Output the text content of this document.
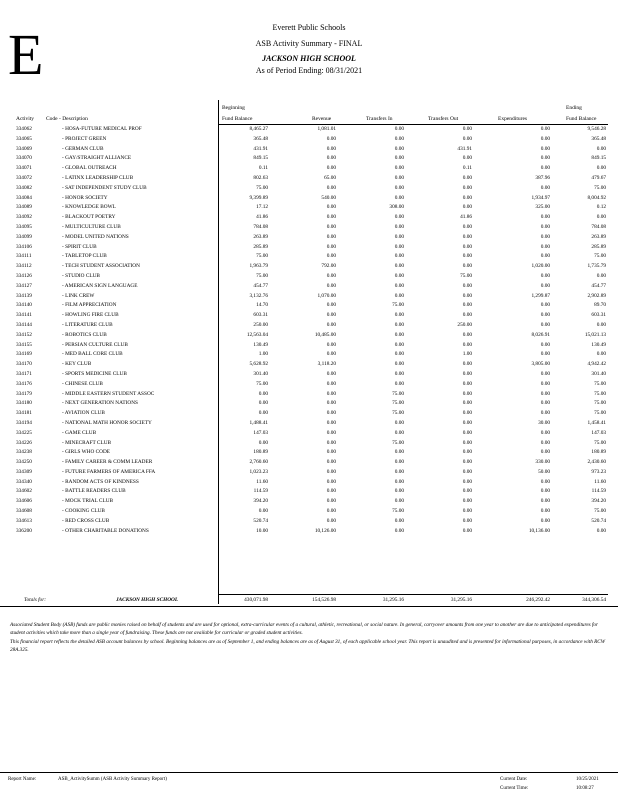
E	Everett Public Schools
ASB Activity Summary - FINAL
JACKSON HIGH SCHOOL
As of Period Ending: 08/31/2021
Beginning	Ending
Activity Code - Description	Fund Balance	Revenue	Transfers In	Transfers Out	Expenditures	Fund Balance
334062	- HOSA-FUTURE MEDICAL PROF	8,465.27	1,081.01	0.00	0.00	0.00	9,546.28
334065	- PROJECT GREEN	365.48	0.00	0.00	0.00	0.00	365.48
334069	- GERMAN CLUB	431.91	0.00	0.00	431.91	0.00	0.00
334070	- GAY/STRAIGHT ALLIANCE	849.15	0.00	0.00	0.00	0.00	849.15
334071	- GLOBAL OUTREACH	0.11	0.00	0.00	0.11	0.00	0.00
334072	- LATINX LEADERSHIP CLUB	802.63	65.00	0.00	0.00	387.96	479.67
334082	- SAT INDEPENDENT STUDY CLUB	75.00	0.00	0.00	0.00	0.00	75.00
334084	- HONOR SOCIETY	9,399.89	540.00	0.00	0.00	1,934.97	8,004.92
334089	- KNOWLEDGE BOWL	17.12	0.00	308.00	0.00	325.00	0.12
334092	- BLACKOUT POETRY	41.86	0.00	0.00	41.86	0.00	0.00
334095	- MULTICULTURE CLUB	784.08	0.00	0.00	0.00	0.00	784.08
334099	- MODEL UNITED NATIONS	263.89	0.00	0.00	0.00	0.00	263.89
334106	- SPIRIT CLUB	285.89	0.00	0.00	0.00	0.00	285.89
334111	- TABLETOP CLUB	75.00	0.00	0.00	0.00	0.00	75.00
334112	- TECH STUDENT ASSOCIATION	1,963.79	792.00	0.00	0.00	1,020.00	1,735.79
334126	- STUDIO CLUB	75.00	0.00	0.00	75.00	0.00	0.00
334127	- AMERICAN SIGN LANGUAGE	454.77	0.00	0.00	0.00	0.00	454.77
334139	- LINK CREW	3,132.76	1,070.00	0.00	0.00	1,299.87	2,902.89
334140	- FILM APPRECIATION	14.70	0.00	75.00	0.00	0.00	89.70
334141	- HOWLING FIRE CLUB	603.31	0.00	0.00	0.00	0.00	603.31
334144	- LITERATURE CLUB	250.00	0.00	0.00	250.00	0.00	0.00
334152	- ROBOTICS CLUB	12,563.04	10,485.00	0.00	0.00	8,026.91	15,021.13
334155	- PERSIAN CULTURE CLUB	130.49	0.00	0.00	0.00	0.00	130.49
334169	- MED BALL CORE CLUB	1.00	0.00	0.00	1.00	0.00	0.00
334170	- KEY CLUB	5,628.92	3,118.20	0.00	0.00	3,805.00	4,942.42
334171	- SPORTS MEDICINE CLUB	301.40	0.00	0.00	0.00	0.00	301.40
334176	- CHINESE CLUB	75.00	0.00	0.00	0.00	0.00	75.00
334179	- MIDDLE EASTERN STUDENT ASSOC	0.00	0.00	75.00	0.00	0.00	75.00
334180	- NEXT GENERATION NATIONS	0.00	0.00	75.00	0.00	0.00	75.00
334181	- AVIATION CLUB	0.00	0.00	75.00	0.00	0.00	75.00
334194	- NATIONAL MATH HONOR SOCIETY	1,488.41	0.00	0.00	0.00	30.00	1,458.41
334225	- GAME CLUB	147.03	0.00	0.00	0.00	0.00	147.03
334226	- MINECRAFT CLUB	0.00	0.00	75.00	0.00	0.00	75.00
334238	- GIRLS WHO CODE	180.89	0.00	0.00	0.00	0.00	180.89
334250	- FAMILY CAREER & COMM LEADER	2,760.60	0.00	0.00	0.00	330.00	2,430.60
334309	- FUTURE FARMERS OF AMERICA FFA	1,023.23	0.00	0.00	0.00	50.00	973.23
334340	- RANDOM ACTS OF KINDNESS	11.60	0.00	0.00	0.00	0.00	11.60
334602	- BATTLE READERS CLUB	114.59	0.00	0.00	0.00	0.00	114.59
334606	- MOCK TRIAL CLUB	394.20	0.00	0.00	0.00	0.00	394.20
334608	- COOKING CLUB	0.00	0.00	75.00	0.00	0.00	75.00
334613	- RED CROSS CLUB	520.74	0.00	0.00	0.00	0.00	520.74
336200	- OTHER CHARITABLE DONATIONS	10.00	10,126.00	0.00	0.00	10,136.00	0.00
Totals for:	JACKSON HIGH SCHOOL	430,071.98	154,526.98	31,295.16	31,295.16	246,292.42	344,306.54

Associated Student Body (ASB) funds are public monies raised on behalf of students and are used for optional, extra-curricular events of a cultural, athletic, recreational, or social nature. In general, carryover amounts from one year to another are due to anticipated expenditures for student activities which take more than a single year of fundraising. These funds are not available for curricular or graded student activities.

This financial report reflects the detailed ASB account balances by school. Beginning balances are as of September 1, and ending balances are as of August 31, of each applicable school year. This report is unaudited and is presented for informational purposes, in accordance with RCW 28A.325.

Report Name:	ASB_ActivitySumm (ASB Activity Summary Report)	Current Date:	10/25/2021
Current Time:	10:08:27
